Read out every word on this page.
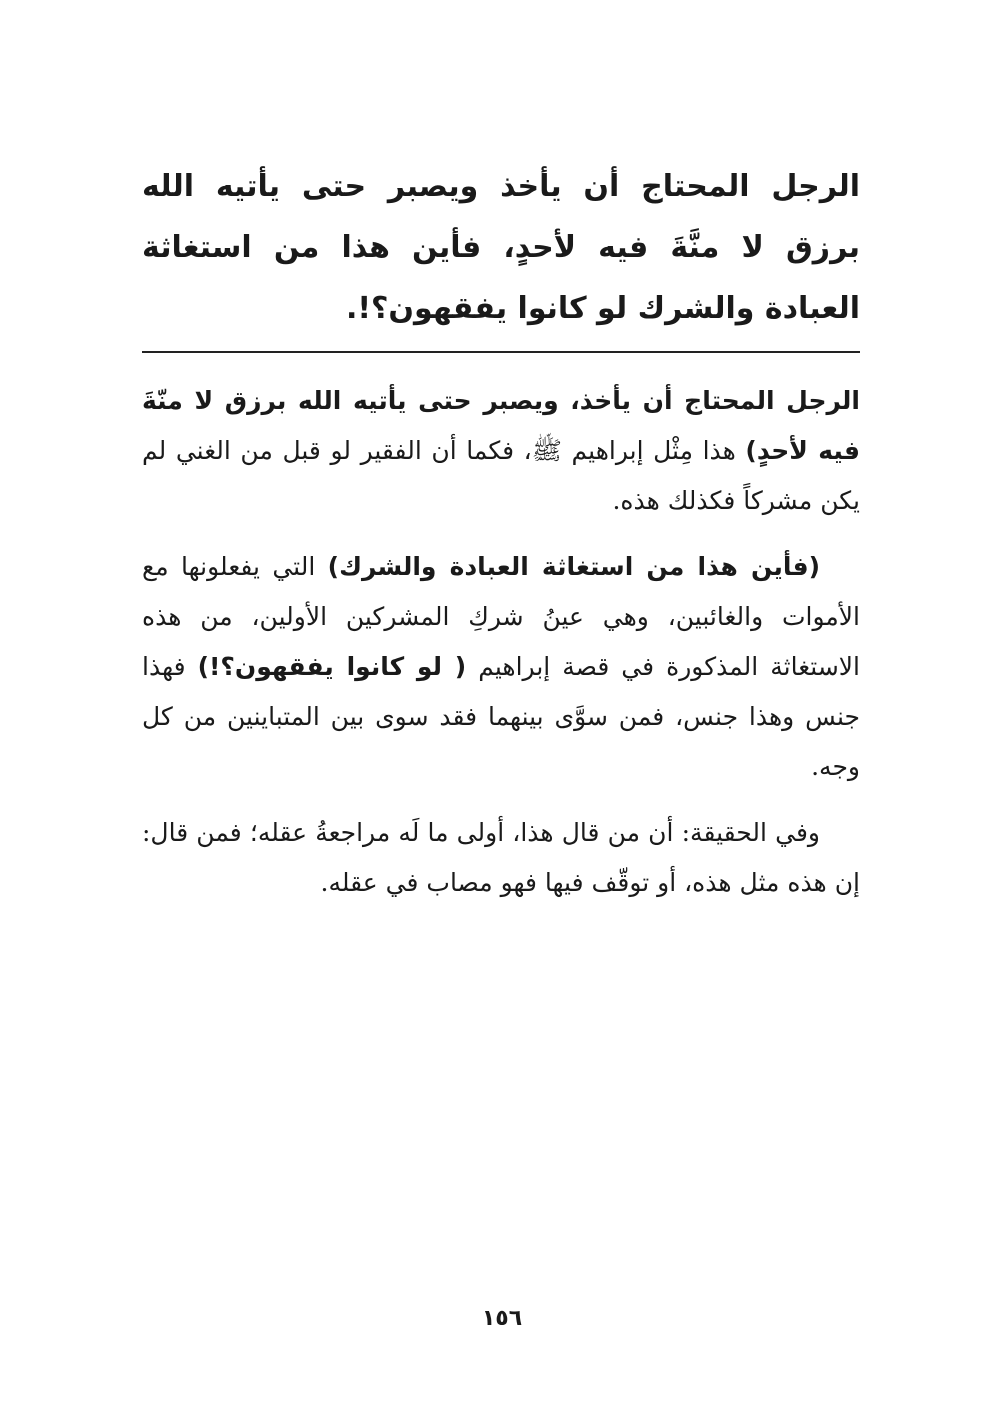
الرجل المحتاج أن يأخذ ويصبر حتى يأتيه الله برزق لا منَّةَ فيه لأحدٍ، فأين هذا من استغاثة العبادة والشرك لو كانوا يفقهون؟!.

الرجل المحتاج أن يأخذ، ويصبر حتى يأتيه الله برزق لا منّةَ فيه لأحدٍ) هذا مِثْل إبراهيم ﷺ، فكما أن الفقير لو قبل من الغني لم يكن مشركاً فكذلك هذه.

(فأين هذا من استغاثة العبادة والشرك) التي يفعلونها مع الأموات والغائبين، وهي عينُ شركِ المشركين الأولين، من هذه الاستغاثة المذكورة في قصة إبراهيم ( لو كانوا يفقهون؟!) فهذا جنس وهذا جنس، فمن سوَّى بينهما فقد سوى بين المتباينين من كل وجه.

وفي الحقيقة: أن من قال هذا، أولى ما لَه مراجعةُ عقله؛ فمن قال: إن هذه مثل هذه، أو توقّف فيها فهو مصاب في عقله.

١٥٦
